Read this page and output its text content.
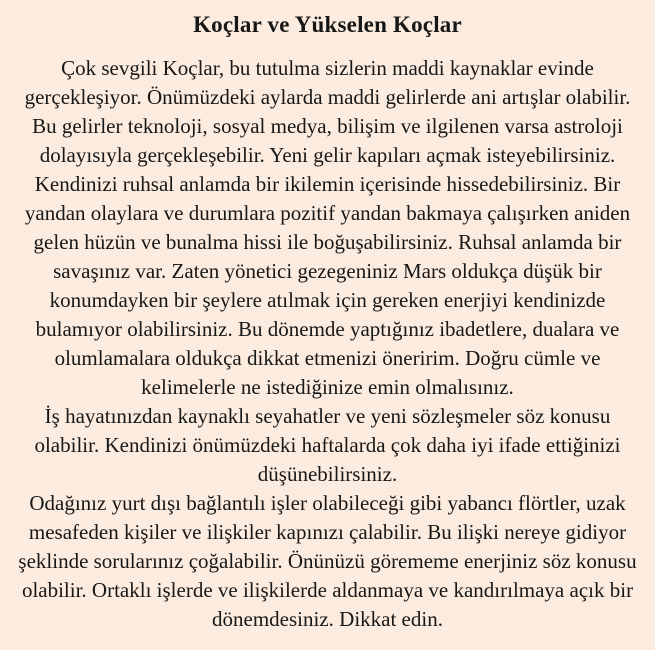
Koçlar ve Yükselen Koçlar

Çok sevgili Koçlar, bu tutulma sizlerin maddi kaynaklar evinde
gerçekleşiyor. Önümüzdeki aylarda maddi gelirlerde ani artışlar olabilir.
Bu gelirler teknoloji, sosyal medya, bilişim ve ilgilenen varsa astroloji
dolayısıyla gerçekleşebilir. Yeni gelir kapıları açmak isteyebilirsiniz.
Kendinizi ruhsal anlamda bir ikilemin içerisinde hissedebilirsiniz. Bir
yandan olaylara ve durumlara pozitif yandan bakmaya çalışırken aniden
gelen hüzün ve bunalma hissi ile boğuşabilirsiniz. Ruhsal anlamda bir
savaşınız var. Zaten yönetici gezegeniniz Mars oldukça düşük bir
konumdayken bir şeylere atılmak için gereken enerjiyi kendinizde
bulamıyor olabilirsiniz. Bu dönemde yaptığınız ibadetlere, dualara ve
olumlamalara oldukça dikkat etmenizi öneririm. Doğru cümle ve
kelimelerle ne istediğinize emin olmalısınız.

İş hayatınızdan kaynaklı seyahatler ve yeni sözleşmeler söz konusu
olabilir. Kendinizi önümüzdeki haftalarda çok daha iyi ifade ettiğinizi
düşünebilirsiniz.

Odağınız yurt dışı bağlantılı işler olabileceği gibi yabancı flörtler, uzak
mesafeden kişiler ve ilişkiler kapınızı çalabilir. Bu ilişki nereye gidiyor
şeklinde sorularınız çoğalabilir. Önünüzü görememe enerjiniz söz konusu
olabilir. Ortaklı işlerde ve ilişkilerde aldanmaya ve kandırılmaya açık bir
dönemdesiniz. Dikkat edin.
